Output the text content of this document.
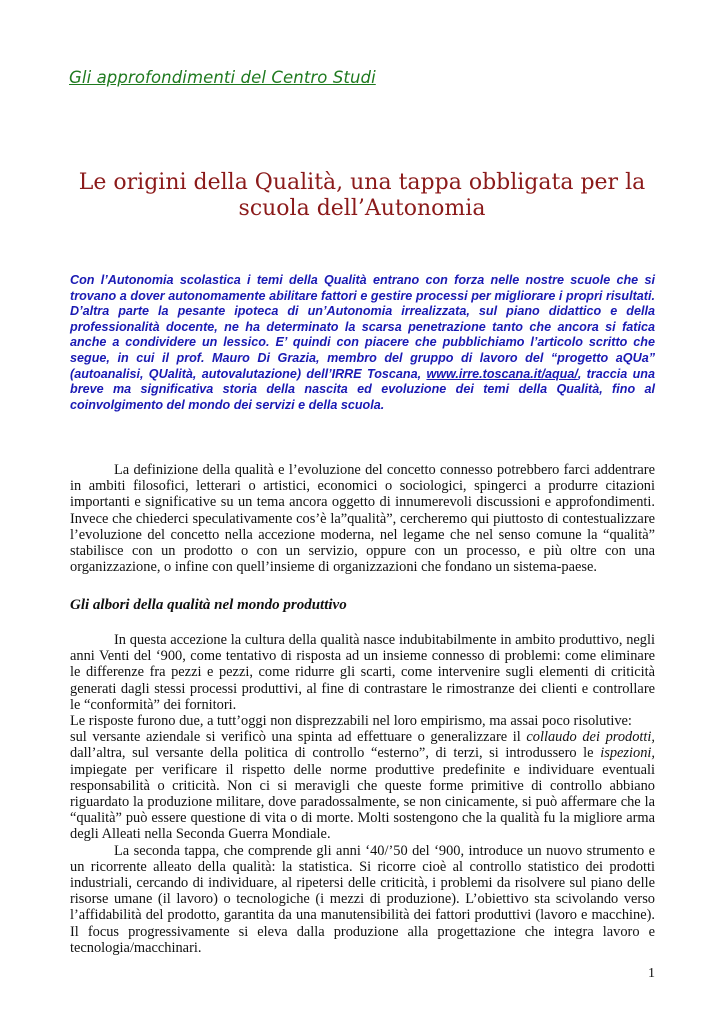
Gli approfondimenti del Centro Studi
Le origini della Qualità, una tappa obbligata per la
scuola dell’Autonomia
Con l’Autonomia scolastica i temi della Qualità entrano con forza nelle nostre scuole che si trovano a dover autonomamente abilitare fattori e gestire processi per migliorare i propri risultati. D’altra parte la pesante ipoteca di un’Autonomia irrealizzata, sul piano didattico e della professionalità docente, ne ha determinato la scarsa penetrazione tanto che ancora si fatica anche a condividere un lessico. E’ quindi con piacere che pubblichiamo l’articolo scritto che segue, in cui il prof. Mauro Di Grazia, membro del gruppo di lavoro del “progetto aQUa” (autoanalisi, QUalità, autovalutazione) dell’IRRE Toscana, www.irre.toscana.it/aqua/, traccia una breve ma significativa storia della nascita ed evoluzione dei temi della Qualità, fino al coinvolgimento del mondo dei servizi e della scuola.

La definizione della qualità e l’evoluzione del concetto connesso potrebbero farci addentrare in ambiti filosofici, letterari o artistici, economici o sociologici, spingerci a produrre citazioni importanti e significative su un tema ancora oggetto di innumerevoli discussioni e approfondimenti. Invece che chiederci speculativamente cos’è la”qualità”, cercheremo qui piuttosto di contestualizzare l’evoluzione del concetto nella accezione moderna, nel legame che nel senso comune la “qualità” stabilisce con un prodotto o con un servizio, oppure con un processo, e più oltre con una organizzazione, o infine con quell’insieme di organizzazioni che fondano un sistema-paese.

Gli albori della qualità nel mondo produttivo

In questa accezione la cultura della qualità nasce indubitabilmente in ambito produttivo, negli anni Venti del ‘900, come tentativo di risposta ad un insieme connesso di problemi: come eliminare le differenze fra pezzi e pezzi, come ridurre gli scarti, come intervenire sugli elementi di criticità generati dagli stessi processi produttivi, al fine di contrastare le rimostranze dei clienti e controllare le “conformità” dei fornitori.

Le risposte furono due, a tutt’oggi non disprezzabili nel loro empirismo, ma assai poco risolutive:

sul versante aziendale si verificò una spinta ad effettuare o generalizzare il collaudo dei prodotti, dall’altra, sul versante della politica di controllo “esterno”, di terzi, si introdussero le ispezioni, impiegate per verificare il rispetto delle norme produttive predefinite e individuare eventuali responsabilità o criticità. Non ci si meravigli che queste forme primitive di controllo abbiano riguardato la produzione militare, dove paradossalmente, se non cinicamente, si può affermare che la “qualità” può essere questione di vita o di morte. Molti sostengono che la qualità fu la migliore arma degli Alleati nella Seconda Guerra Mondiale.

La seconda tappa, che comprende gli anni ‘40/’50 del ‘900, introduce un nuovo strumento e un ricorrente alleato della qualità: la statistica. Si ricorre cioè al controllo statistico dei prodotti industriali, cercando di individuare, al ripetersi delle criticità, i problemi da risolvere sul piano delle risorse umane (il lavoro) o tecnologiche (i mezzi di produzione). L’obiettivo sta scivolando verso l’affidabilità del prodotto, garantita da una manutensibilità dei fattori produttivi (lavoro e macchine). Il focus progressivamente si eleva dalla produzione alla progettazione che integra lavoro e tecnologia/macchinari.

1
